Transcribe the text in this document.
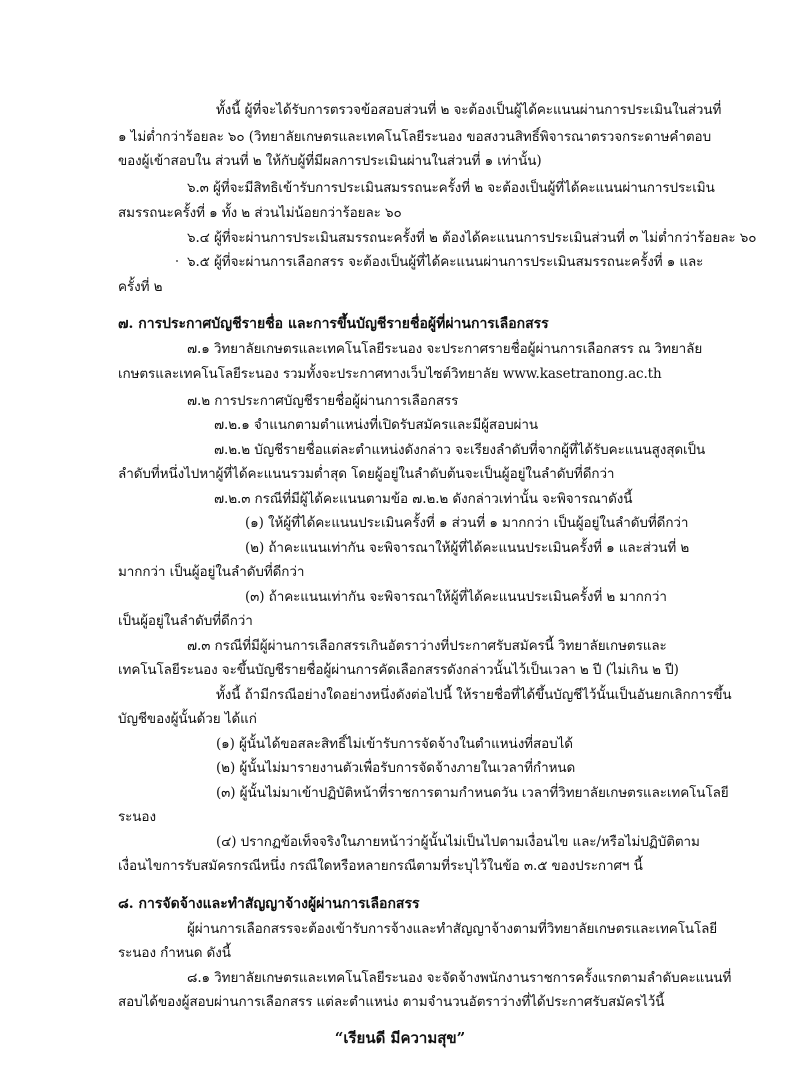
ทั้งนี้ ผู้ที่จะได้รับการตรวจข้อสอบส่วนที่ ๒ จะต้องเป็นผู้ได้คะแนนผ่านการประเมินในส่วนที่
๑ ไม่ต่ำกว่าร้อยละ ๖๐ (วิทยาลัยเกษตรและเทคโนโลยีระนอง ขอสงวนสิทธิ์พิจารณาตรวจกระดาษคำตอบ
ของผู้เข้าสอบใน ส่วนที่ ๒ ให้กับผู้ที่มีผลการประเมินผ่านในส่วนที่ ๑ เท่านั้น)
๖.๓ ผู้ที่จะมีสิทธิเข้ารับการประเมินสมรรถนะครั้งที่ ๒ จะต้องเป็นผู้ที่ได้คะแนนผ่านการประเมิน
สมรรถนะครั้งที่ ๑ ทั้ง ๒ ส่วนไม่น้อยกว่าร้อยละ ๖๐
๖.๔ ผู้ที่จะผ่านการประเมินสมรรถนะครั้งที่ ๒ ต้องได้คะแนนการประเมินส่วนที่ ๓ ไม่ต่ำกว่าร้อยละ ๖๐
๖.๕ ผู้ที่จะผ่านการเลือกสรร จะต้องเป็นผู้ที่ได้คะแนนผ่านการประเมินสมรรถนะครั้งที่ ๑ และ
ครั้งที่ ๒
๗. การประกาศบัญชีรายชื่อ และการขึ้นบัญชีรายชื่อผู้ที่ผ่านการเลือกสรร
๗.๑ วิทยาลัยเกษตรและเทคโนโลยีระนอง จะประกาศรายชื่อผู้ผ่านการเลือกสรร ณ วิทยาลัย
เกษตรและเทคโนโลยีระนอง รวมทั้งจะประกาศทางเว็บไซต์วิทยาลัย www.kasetranong.ac.th
๗.๒ การประกาศบัญชีรายชื่อผู้ผ่านการเลือกสรร
๗.๒.๑ จำแนกตามตำแหน่งที่เปิดรับสมัครและมีผู้สอบผ่าน
๗.๒.๒ บัญชีรายชื่อแต่ละตำแหน่งดังกล่าว จะเรียงลำดับที่จากผู้ที่ได้รับคะแนนสูงสุดเป็น
ลำดับที่หนึ่งไปหาผู้ที่ได้คะแนนรวมต่ำสุด โดยผู้อยู่ในลำดับต้นจะเป็นผู้อยู่ในลำดับที่ดีกว่า
๗.๒.๓ กรณีที่มีผู้ได้คะแนนตามข้อ ๗.๒.๒ ดังกล่าวเท่านั้น จะพิจารณาดังนี้
(๑) ให้ผู้ที่ได้คะแนนประเมินครั้งที่ ๑ ส่วนที่ ๑ มากกว่า เป็นผู้อยู่ในลำดับที่ดีกว่า
(๒) ถ้าคะแนนเท่ากัน จะพิจารณาให้ผู้ที่ได้คะแนนประเมินครั้งที่ ๑ และส่วนที่ ๒
มากกว่า เป็นผู้อยู่ในลำดับที่ดีกว่า
(๓) ถ้าคะแนนเท่ากัน จะพิจารณาให้ผู้ที่ได้คะแนนประเมินครั้งที่ ๒ มากกว่า
เป็นผู้อยู่ในลำดับที่ดีกว่า
๗.๓ กรณีที่มีผู้ผ่านการเลือกสรรเกินอัตราว่างที่ประกาศรับสมัครนี้ วิทยาลัยเกษตรและ
เทคโนโลยีระนอง จะขึ้นบัญชีรายชื่อผู้ผ่านการคัดเลือกสรรดังกล่าวนั้นไว้เป็นเวลา ๒ ปี (ไม่เกิน ๒ ปี)
ทั้งนี้ ถ้ามีกรณีอย่างใดอย่างหนึ่งดังต่อไปนี้ ให้รายชื่อที่ได้ขึ้นบัญชีไว้นั้นเป็นอันยกเลิกการขึ้น
บัญชีของผู้นั้นด้วย ได้แก่
(๑) ผู้นั้นได้ขอสละสิทธิ์ไม่เข้ารับการจัดจ้างในตำแหน่งที่สอบได้
(๒) ผู้นั้นไม่มารายงานตัวเพื่อรับการจัดจ้างภายในเวลาที่กำหนด
(๓) ผู้นั้นไม่มาเข้าปฏิบัติหน้าที่ราชการตามกำหนดวัน เวลาที่วิทยาลัยเกษตรและเทคโนโลยี
ระนอง
(๔) ปรากฏข้อเท็จจริงในภายหน้าว่าผู้นั้นไม่เป็นไปตามเงื่อนไข และ/หรือไม่ปฏิบัติตาม
เงื่อนไขการรับสมัครกรณีหนึ่ง กรณีใดหรือหลายกรณีตามที่ระบุไว้ในข้อ ๓.๕ ของประกาศฯ นี้
๘. การจัดจ้างและทำสัญญาจ้างผู้ผ่านการเลือกสรร
ผู้ผ่านการเลือกสรรจะต้องเข้ารับการจ้างและทำสัญญาจ้างตามที่วิทยาลัยเกษตรและเทคโนโลยี
ระนอง กำหนด ดังนี้
๘.๑ วิทยาลัยเกษตรและเทคโนโลยีระนอง จะจัดจ้างพนักงานราชการครั้งแรกตามลำดับคะแนนที่
สอบได้ของผู้สอบผ่านการเลือกสรร แต่ละตำแหน่ง ตามจำนวนอัตราว่างที่ได้ประกาศรับสมัครไว้นี้
“เรียนดี มีความสุข”
